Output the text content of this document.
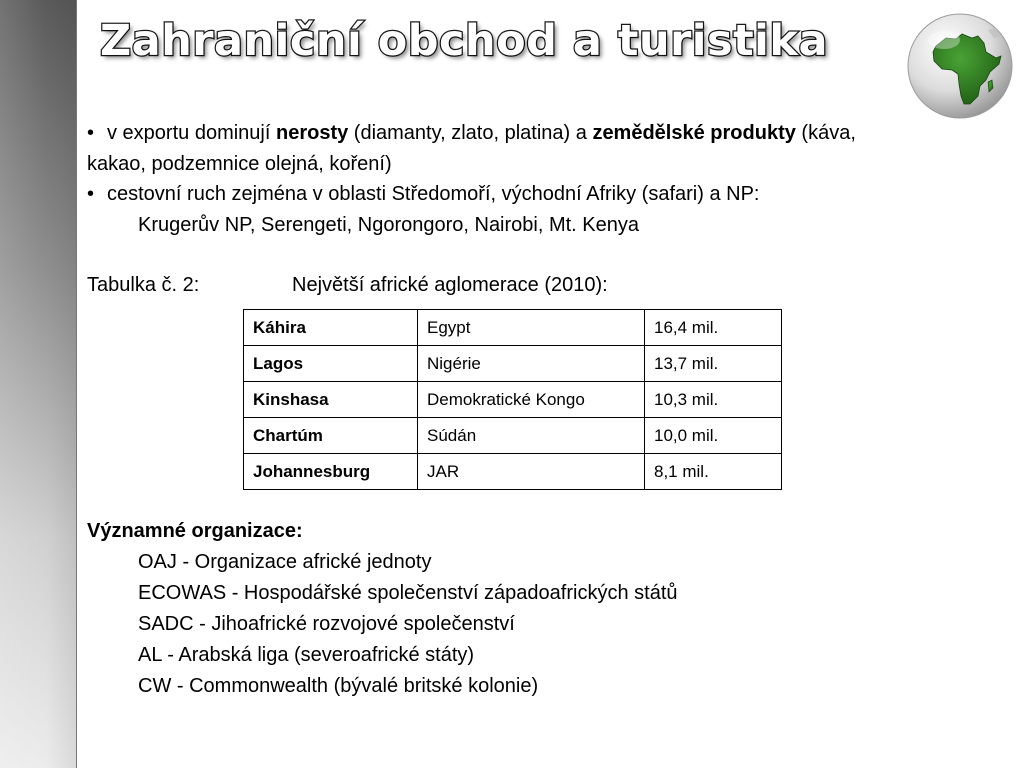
Zahraniční obchod a turistika

• v exportu dominují nerosty (diamanty, zlato, platina) a zemědělské produkty (káva,

kakao, podzemnice olejná, koření)

• cestovní ruch zejména v oblasti Středomoří, východní Afriky (safari) a NP:

Krugerův NP, Serengeti, Ngorongoro, Nairobi, Mt. Kenya

Tabulka č. 2:	Největší africké aglomerace (2010):
Káhira	Egypt	16,4 mil.
Lagos	Nigérie	13,7 mil.
Kinshasa	Demokratické Kongo	10,3 mil.
Chartúm	Súdán	10,0 mil.
Johannesburg	JAR	8,1 mil.

Významné organizace:

OAJ - Organizace africké jednoty

ECOWAS - Hospodářské společenství západoafrických států

SADC - Jihoafrické rozvojové společenství

AL - Arabská liga (severoafrické státy)

CW - Commonwealth (bývalé britské kolonie)
